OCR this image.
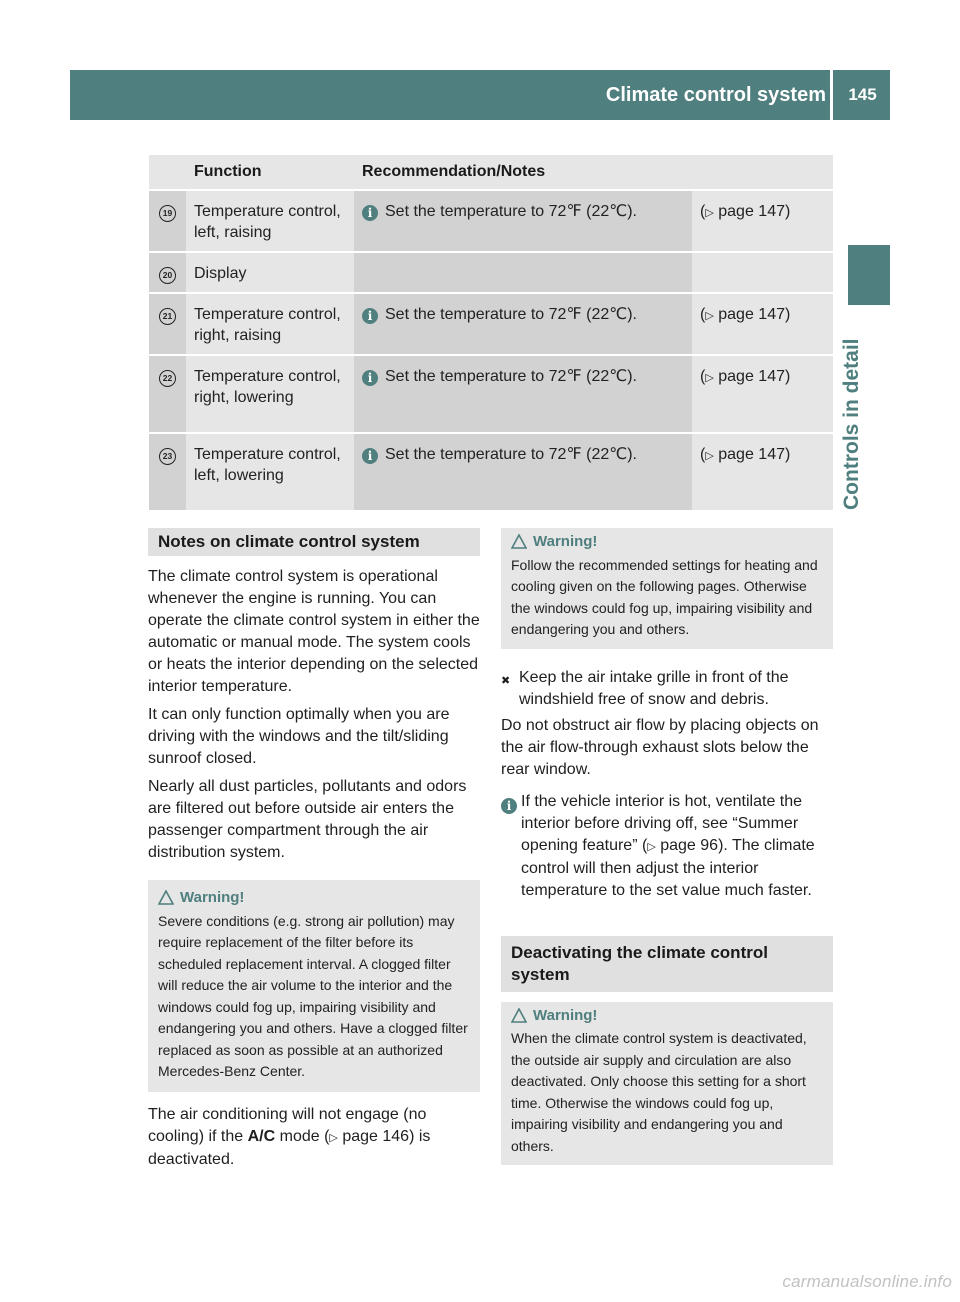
Climate control system	145
Controls in detail
	Function	Recommendation/Notes	
19	Temperature control, left, raising	i Set the temperature to 72℉ (22℃).	(▷ page 147)
20	Display		
21	Temperature control, right, raising	i Set the temperature to 72℉ (22℃).	(▷ page 147)
22	Temperature control, right, lowering	i Set the temperature to 72℉ (22℃).	(▷ page 147)
23	Temperature control, left, lowering	i Set the temperature to 72℉ (22℃).	(▷ page 147)
Notes on climate control system

The climate control system is operational whenever the engine is running. You can operate the climate control system in either the automatic or manual mode. The system cools or heats the interior depending on the selected interior temperature.

It can only function optimally when you are driving with the windows and the tilt/sliding sunroof closed.

Nearly all dust particles, pollutants and odors are filtered out before outside air enters the passenger compartment through the air distribution system.

Warning!
Severe conditions (e.g. strong air pollution) may require replacement of the filter before its scheduled replacement interval. A clogged filter will reduce the air volume to the interior and the windows could fog up, impairing visibility and endangering you and others. Have a clogged filter replaced as soon as possible at an authorized Mercedes-Benz Center.

The air conditioning will not engage (no cooling) if the A/C mode (▷ page 146) is deactivated.

Warning!
Follow the recommended settings for heating and cooling given on the following pages. Otherwise the windows could fog up, impairing visibility and endangering you and others.
✖ Keep the air intake grille in front of the windshield free of snow and debris.

Do not obstruct air flow by placing objects on the air flow-through exhaust slots below the rear window.

i If the vehicle interior is hot, ventilate the interior before driving off, see “Summer opening feature” (▷ page 96). The climate control will then adjust the interior temperature to the set value much faster.
Deactivating the climate control system
Warning!
When the climate control system is deactivated, the outside air supply and circulation are also deactivated. Only choose this setting for a short time. Otherwise the windows could fog up, impairing visibility and endangering you and others.
carmanualsonline.info
